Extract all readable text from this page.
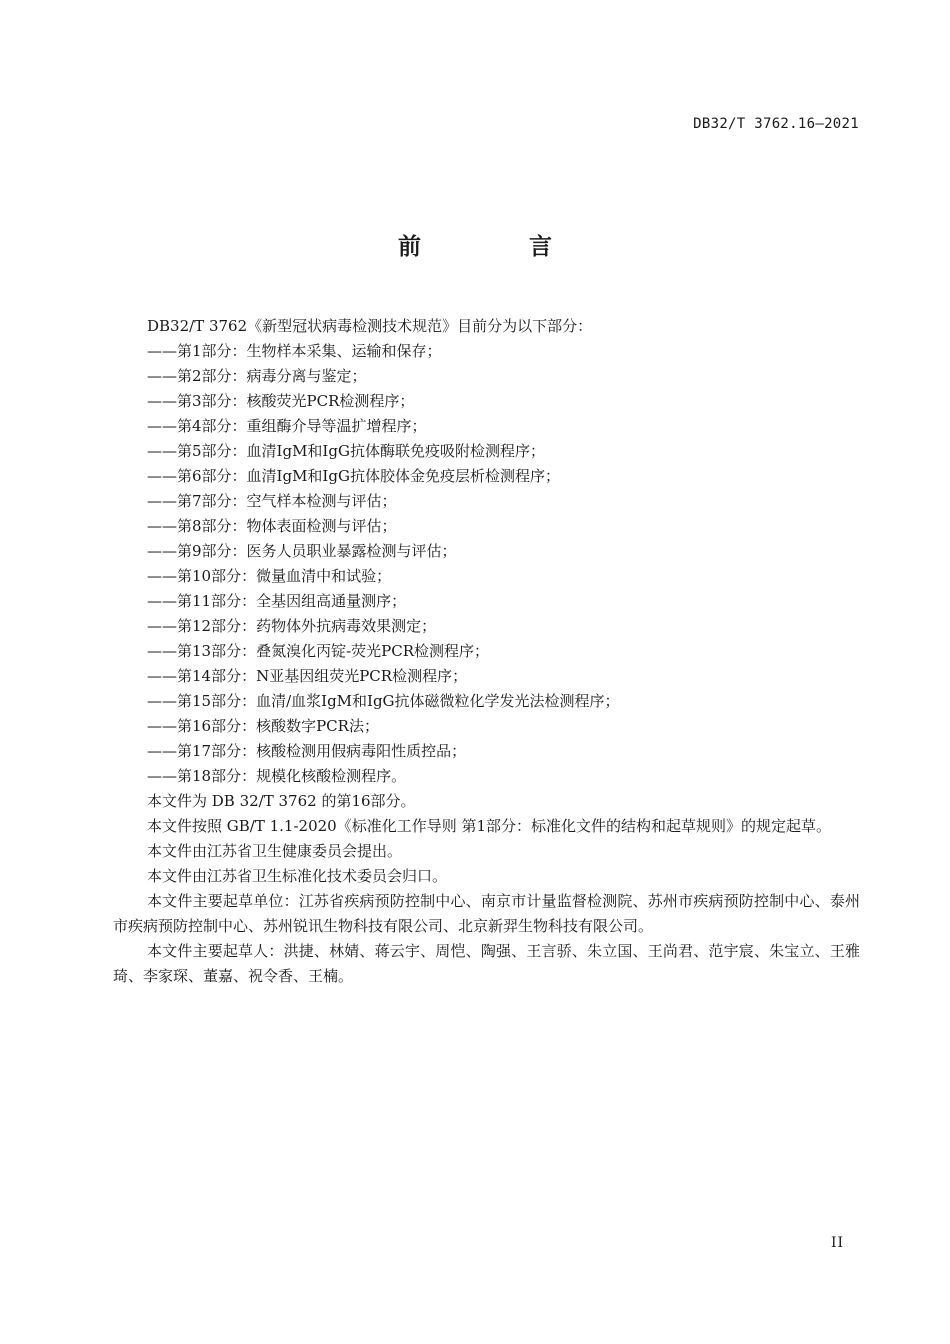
DB32/T 3762.16—2021
前 言

DB32/T 3762《新型冠状病毒检测技术规范》目前分为以下部分：

——第1部分：生物样本采集、运输和保存；
——第2部分：病毒分离与鉴定；
——第3部分：核酸荧光PCR检测程序；
——第4部分：重组酶介导等温扩增程序；
——第5部分：血清IgM和IgG抗体酶联免疫吸附检测程序；
——第6部分：血清IgM和IgG抗体胶体金免疫层析检测程序；
——第7部分：空气样本检测与评估；
——第8部分：物体表面检测与评估；
——第9部分：医务人员职业暴露检测与评估；
——第10部分：微量血清中和试验；
——第11部分：全基因组高通量测序；
——第12部分：药物体外抗病毒效果测定；
——第13部分：叠氮溴化丙锭-荧光PCR检测程序；
——第14部分：N亚基因组荧光PCR检测程序；
——第15部分：血清/血浆IgM和IgG抗体磁微粒化学发光法检测程序；
——第16部分：核酸数字PCR法；
——第17部分：核酸检测用假病毒阳性质控品；
——第18部分：规模化核酸检测程序。

本文件为 DB 32/T 3762 的第16部分。

本文件按照 GB/T 1.1-2020《标准化工作导则 第1部分：标准化文件的结构和起草规则》的规定起草。

本文件由江苏省卫生健康委员会提出。

本文件由江苏省卫生标准化技术委员会归口。

本文件主要起草单位：江苏省疾病预防控制中心、南京市计量监督检测院、苏州市疾病预防控制中心、泰州市疾病预防控制中心、苏州锐讯生物科技有限公司、北京新羿生物科技有限公司。

本文件主要起草人：洪捷、林婧、蒋云宇、周恺、陶强、王言骄、朱立国、王尚君、范宇宸、朱宝立、王雅琦、李家琛、董嘉、祝令香、王楠。

II
